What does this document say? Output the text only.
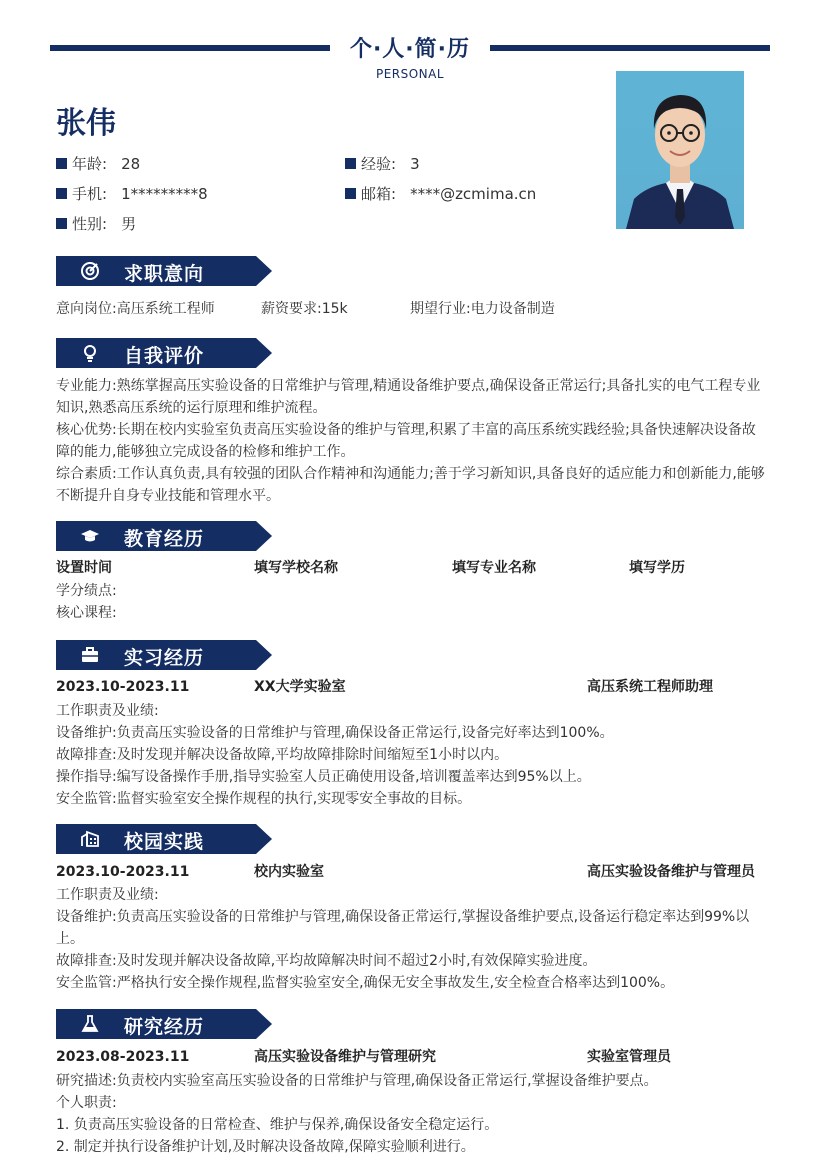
个·人·简·历
PERSONAL
张伟
年龄: 28	经验: 3
手机: 1*********8	邮箱: ****@zcmima.cn
性别: 男
求职意向
意向岗位:高压系统工程师	薪资要求:15k	期望行业:电力设备制造
自我评价
专业能力:熟练掌握高压实验设备的日常维护与管理,精通设备维护要点,确保设备正常运行;具备扎实的电气工程专业知识,熟悉高压系统的运行原理和维护流程。
核心优势:长期在校内实验室负责高压实验设备的维护与管理,积累了丰富的高压系统实践经验;具备快速解决设备故障的能力,能够独立完成设备的检修和维护工作。
综合素质:工作认真负责,具有较强的团队合作精神和沟通能力;善于学习新知识,具备良好的适应能力和创新能力,能够不断提升自身专业技能和管理水平。
教育经历
设置时间	填写学校名称	填写专业名称	填写学历
学分绩点:
核心课程:
实习经历
2023.10-2023.11	XX大学实验室	高压系统工程师助理
工作职责及业绩:
设备维护:负责高压实验设备的日常维护与管理,确保设备正常运行,设备完好率达到100%。
故障排查:及时发现并解决设备故障,平均故障排除时间缩短至1小时以内。
操作指导:编写设备操作手册,指导实验室人员正确使用设备,培训覆盖率达到95%以上。
安全监管:监督实验室安全操作规程的执行,实现零安全事故的目标。
校园实践
2023.10-2023.11	校内实验室	高压实验设备维护与管理员
工作职责及业绩:
设备维护:负责高压实验设备的日常维护与管理,确保设备正常运行,掌握设备维护要点,设备运行稳定率达到99%以上。
故障排查:及时发现并解决设备故障,平均故障解决时间不超过2小时,有效保障实验进度。
安全监管:严格执行安全操作规程,监督实验室安全,确保无安全事故发生,安全检查合格率达到100%。
研究经历
2023.08-2023.11	高压实验设备维护与管理研究	实验室管理员
研究描述:负责校内实验室高压实验设备的日常维护与管理,确保设备正常运行,掌握设备维护要点。
个人职责:
1. 负责高压实验设备的日常检查、维护与保养,确保设备安全稳定运行。
2. 制定并执行设备维护计划,及时解决设备故障,保障实验顺利进行。
